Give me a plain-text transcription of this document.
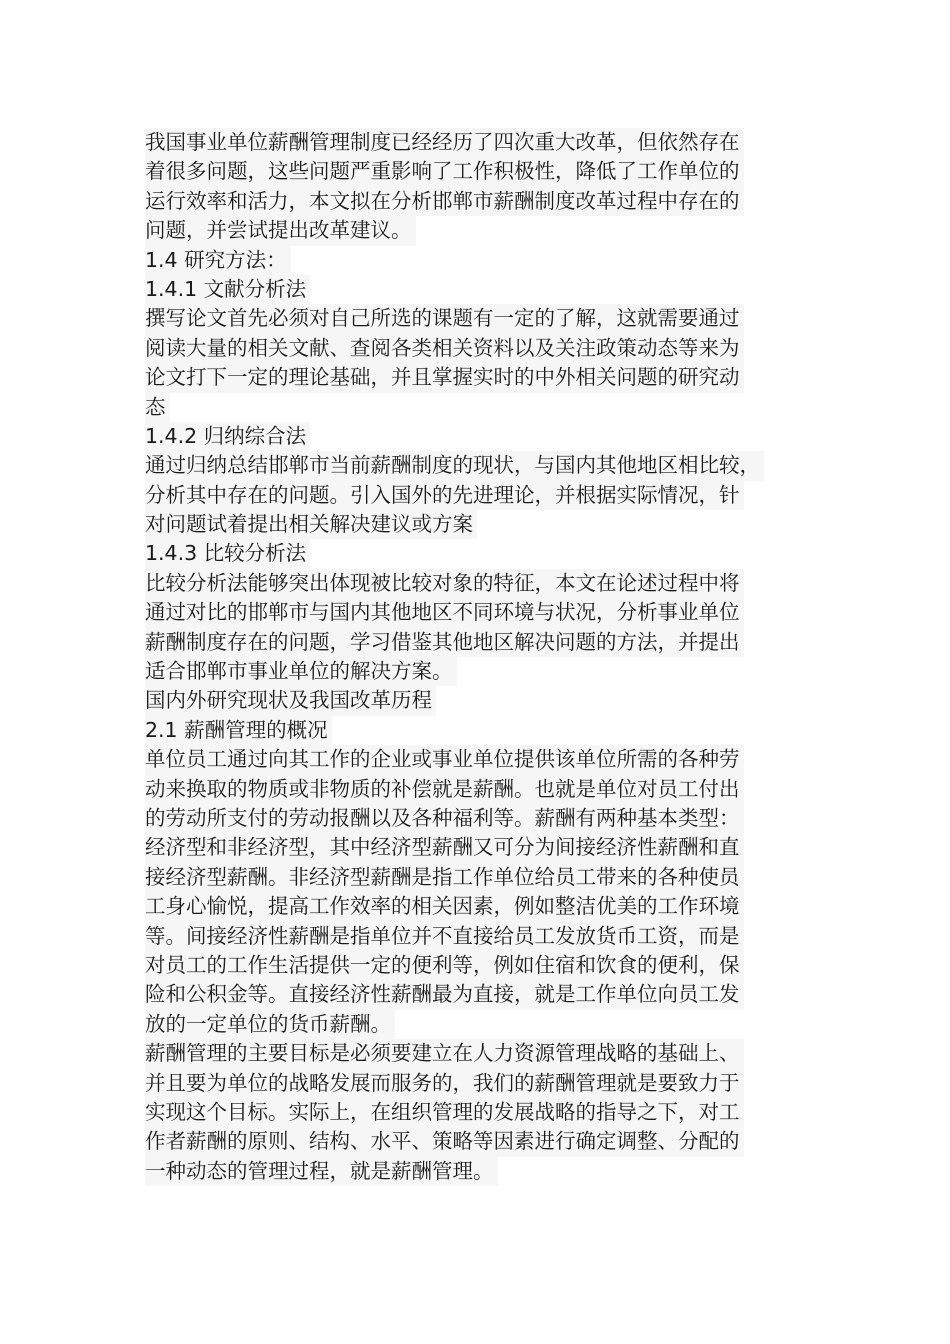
我国事业单位薪酬管理制度已经经历了四次重大改革，但依然存在
着很多问题，这些问题严重影响了工作积极性，降低了工作单位的
运行效率和活力，本文拟在分析邯郸市薪酬制度改革过程中存在的
问题，并尝试提出改革建议。
1.4 研究方法：
1.4.1 文献分析法
撰写论文首先必须对自己所选的课题有一定的了解，这就需要通过
阅读大量的相关文献、查阅各类相关资料以及关注政策动态等来为
论文打下一定的理论基础，并且掌握实时的中外相关问题的研究动
态
1.4.2 归纳综合法
通过归纳总结邯郸市当前薪酬制度的现状，与国内其他地区相比较，
分析其中存在的问题。引入国外的先进理论，并根据实际情况，针
对问题试着提出相关解决建议或方案
1.4.3 比较分析法
比较分析法能够突出体现被比较对象的特征，本文在论述过程中将
通过对比的邯郸市与国内其他地区不同环境与状况，分析事业单位
薪酬制度存在的问题，学习借鉴其他地区解决问题的方法，并提出
适合邯郸市事业单位的解决方案。
国内外研究现状及我国改革历程
2.1 薪酬管理的概况
单位员工通过向其工作的企业或事业单位提供该单位所需的各种劳
动来换取的物质或非物质的补偿就是薪酬。也就是单位对员工付出
的劳动所支付的劳动报酬以及各种福利等。薪酬有两种基本类型：
经济型和非经济型，其中经济型薪酬又可分为间接经济性薪酬和直
接经济型薪酬。非经济型薪酬是指工作单位给员工带来的各种使员
工身心愉悦，提高工作效率的相关因素，例如整洁优美的工作环境
等。间接经济性薪酬是指单位并不直接给员工发放货币工资，而是
对员工的工作生活提供一定的便利等，例如住宿和饮食的便利，保
险和公积金等。直接经济性薪酬最为直接，就是工作单位向员工发
放的一定单位的货币薪酬。
薪酬管理的主要目标是必须要建立在人力资源管理战略的基础上、
并且要为单位的战略发展而服务的，我们的薪酬管理就是要致力于
实现这个目标。实际上，在组织管理的发展战略的指导之下，对工
作者薪酬的原则、结构、水平、策略等因素进行确定调整、分配的
一种动态的管理过程，就是薪酬管理。
